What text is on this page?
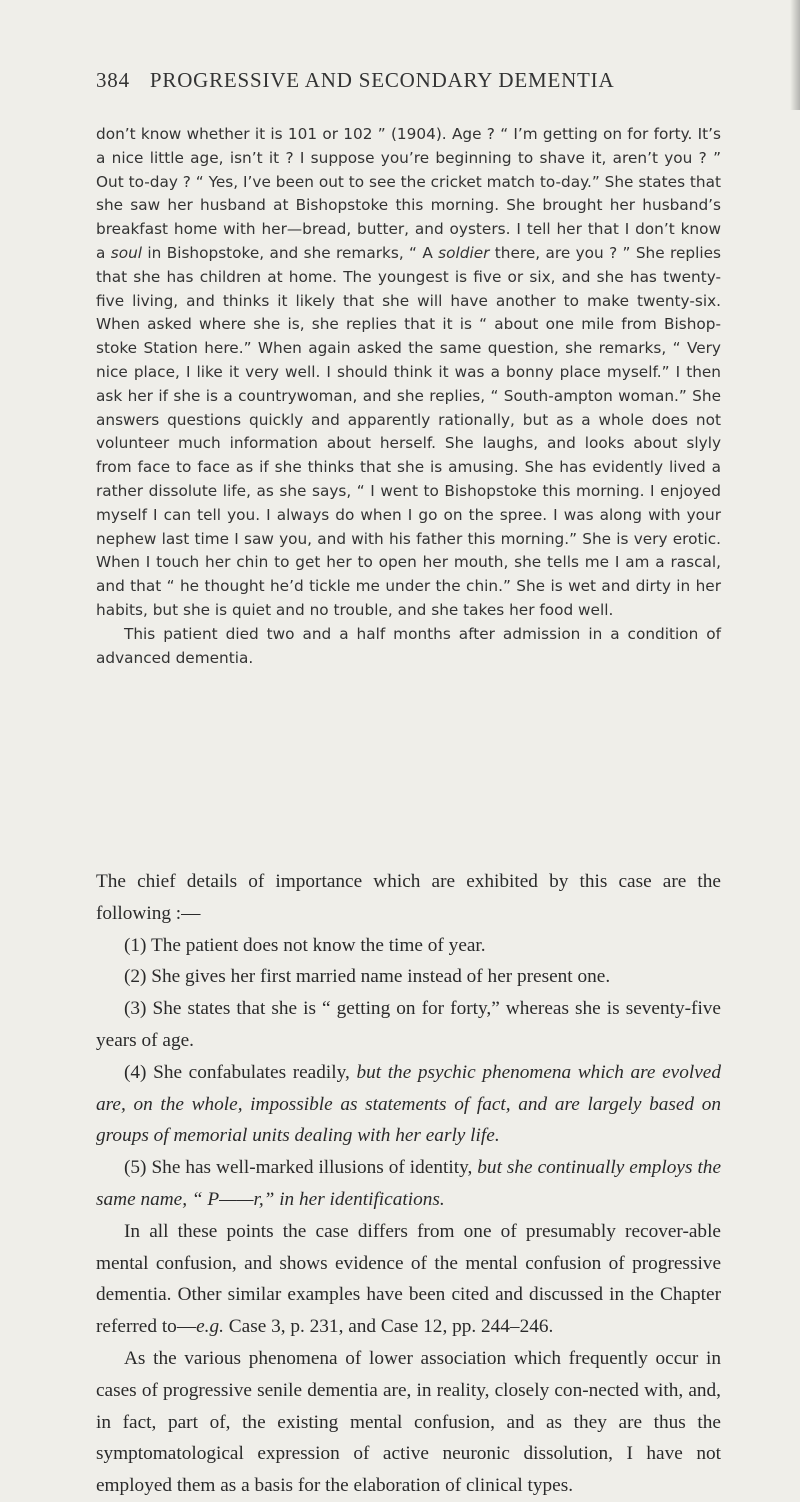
384 PROGRESSIVE AND SECONDARY DEMENTIA

don’t know whether it is 101 or 102 ” (1904). Age ? “ I’m getting on for forty. It’s a nice little age, isn’t it ? I suppose you’re beginning to shave it, aren’t you ? ” Out to-day ? “ Yes, I’ve been out to see the cricket match to-day.” She states that she saw her husband at Bishopstoke this morning. She brought her husband’s breakfast home with her—bread, butter, and oysters. I tell her that I don’t know a soul in Bishopstoke, and she remarks, “ A soldier there, are you ? ” She replies that she has children at home. The youngest is five or six, and she has twenty-five living, and thinks it likely that she will have another to make twenty-six. When asked where she is, she replies that it is “ about one mile from Bishop-stoke Station here.” When again asked the same question, she remarks, “ Very nice place, I like it very well. I should think it was a bonny place myself.” I then ask her if she is a countrywoman, and she replies, “ South-ampton woman.” She answers questions quickly and apparently rationally, but as a whole does not volunteer much information about herself. She laughs, and looks about slyly from face to face as if she thinks that she is amusing. She has evidently lived a rather dissolute life, as she says, “ I went to Bishopstoke this morning. I enjoyed myself I can tell you. I always do when I go on the spree. I was along with your nephew last time I saw you, and with his father this morning.” She is very erotic. When I touch her chin to get her to open her mouth, she tells me I am a rascal, and that “ he thought he’d tickle me under the chin.” She is wet and dirty in her habits, but she is quiet and no trouble, and she takes her food well.

This patient died two and a half months after admission in a condition of advanced dementia.

The chief details of importance which are exhibited by this case are the following :—

(1) The patient does not know the time of year.

(2) She gives her first married name instead of her present one.

(3) She states that she is “ getting on for forty,” whereas she is seventy-five years of age.

(4) She confabulates readily, but the psychic phenomena which are evolved are, on the whole, impossible as statements of fact, and are largely based on groups of memorial units dealing with her early life.

(5) She has well-marked illusions of identity, but she continually employs the same name, “ P——r,” in her identifications.

In all these points the case differs from one of presumably recover-able mental confusion, and shows evidence of the mental confusion of progressive dementia. Other similar examples have been cited and discussed in the Chapter referred to—e.g. Case 3, p. 231, and Case 12, pp. 244–246.

As the various phenomena of lower association which frequently occur in cases of progressive senile dementia are, in reality, closely con-nected with, and, in fact, part of, the existing mental confusion, and as they are thus the symptomatological expression of active neuronic dissolution, I have not employed them as a basis for the elaboration of clinical types.
